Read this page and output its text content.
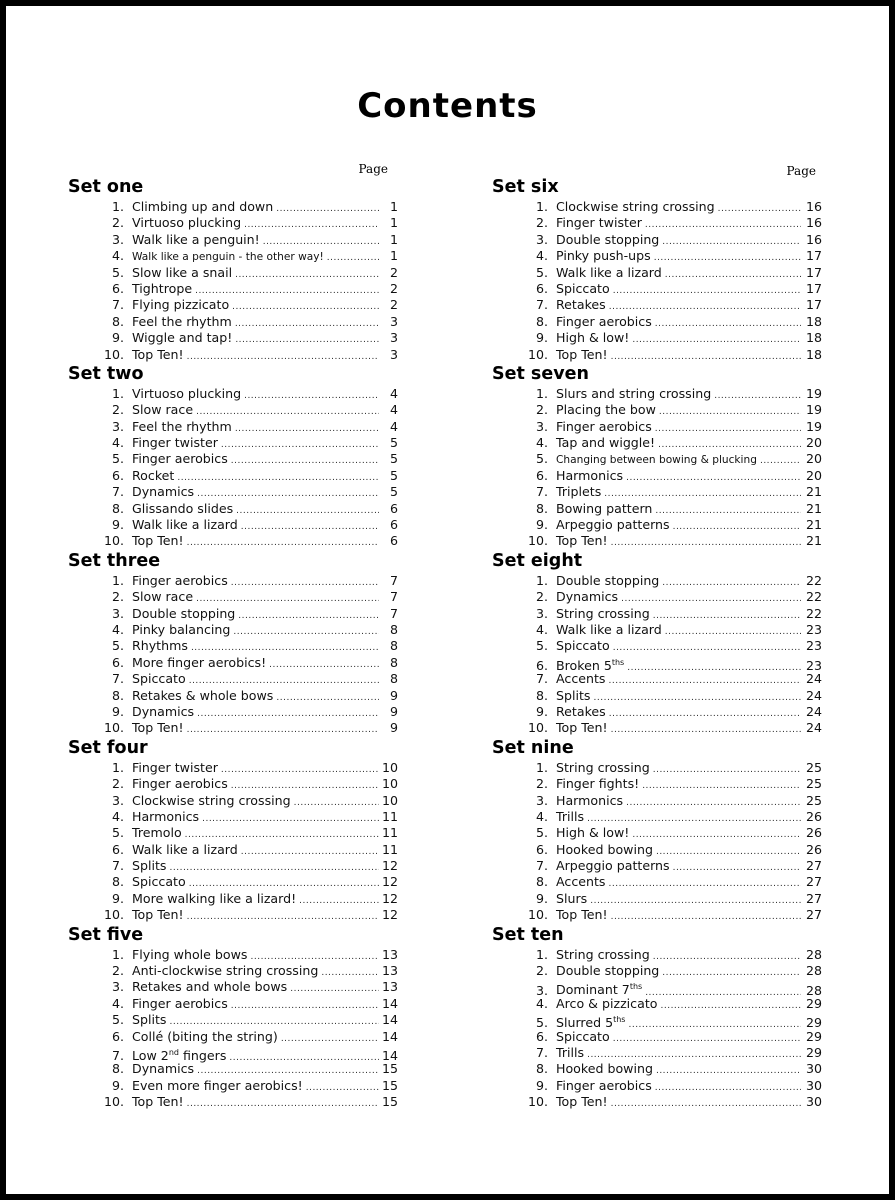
Contents
Page
Set one
1. Climbing up and down .....	1
2. Virtuoso plucking .....	1
3. Walk like a penguin! .....	1
4. Walk like a penguin - the other way! .....	1
5. Slow like a snail .....	2
6. Tightrope .....	2
7. Flying pizzicato .....	2
8. Feel the rhythm .....	3
9. Wiggle and tap! .....	3
10. Top Ten! .....	3
Set two
1. Virtuoso plucking .....	4
2. Slow race .....	4
3. Feel the rhythm .....	4
4. Finger twister .....	5
5. Finger aerobics .....	5
6. Rocket .....	5
7. Dynamics .....	5
8. Glissando slides .....	6
9. Walk like a lizard .....	6
10. Top Ten! .....	6
Set three
1. Finger aerobics .....	7
2. Slow race .....	7
3. Double stopping .....	7
4. Pinky balancing .....	8
5. Rhythms .....	8
6. More finger aerobics! .....	8
7. Spiccato .....	8
8. Retakes & whole bows .....	9
9. Dynamics .....	9
10. Top Ten! .....	9
Set four
1. Finger twister .....	10
2. Finger aerobics .....	10
3. Clockwise string crossing .....	10
4. Harmonics .....	11
5. Tremolo .....	11
6. Walk like a lizard .....	11
7. Splits .....	12
8. Spiccato .....	12
9. More walking like a lizard! .....	12
10. Top Ten! .....	12
Set five
1. Flying whole bows .....	13
2. Anti-clockwise string crossing .....	13
3. Retakes and whole bows .....	13
4. Finger aerobics .....	14
5. Splits .....	14
6. Collé (biting the string) .....	14
7. Low 2nd fingers .....	14
8. Dynamics .....	15
9. Even more finger aerobics! .....	15
10. Top Ten! .....	15
Page
Set six
1. Clockwise string crossing .....	16
2. Finger twister .....	16
3. Double stopping .....	16
4. Pinky push-ups .....	17
5. Walk like a lizard .....	17
6. Spiccato .....	17
7. Retakes .....	17
8. Finger aerobics .....	18
9. High & low! .....	18
10. Top Ten! .....	18
Set seven
1. Slurs and string crossing .....	19
2. Placing the bow .....	19
3. Finger aerobics .....	19
4. Tap and wiggle! .....	20
5. Changing between bowing & plucking .....	20
6. Harmonics .....	20
7. Triplets .....	21
8. Bowing pattern .....	21
9. Arpeggio patterns .....	21
10. Top Ten! .....	21
Set eight
1. Double stopping .....	22
2. Dynamics .....	22
3. String crossing .....	22
4. Walk like a lizard .....	23
5. Spiccato .....	23
6. Broken $5^{ths}$ .....	23
7. Accents .....	24
8. Splits .....	24
9. Retakes .....	24
10. Top Ten! .....	24
Set nine
1. String crossing .....	25
2. Finger fights! .....	25
3. Harmonics .....	25
4. Trills .....	26
5. High & low! .....	26
6. Hooked bowing .....	26
7. Arpeggio patterns .....	27
8. Accents .....	27
9. Slurs .....	27
10. Top Ten! .....	27
Set ten
1. String crossing .....	28
2. Double stopping .....	28
3. Dominant $7^{ths}$ .....	28
4. Arco & pizzicato .....	29
5. Slurred $5^{ths}$ .....	29
6. Spiccato .....	29
7. Trills .....	29
8. Hooked bowing .....	30
9. Finger aerobics .....	30
10. Top Ten! .....	30
